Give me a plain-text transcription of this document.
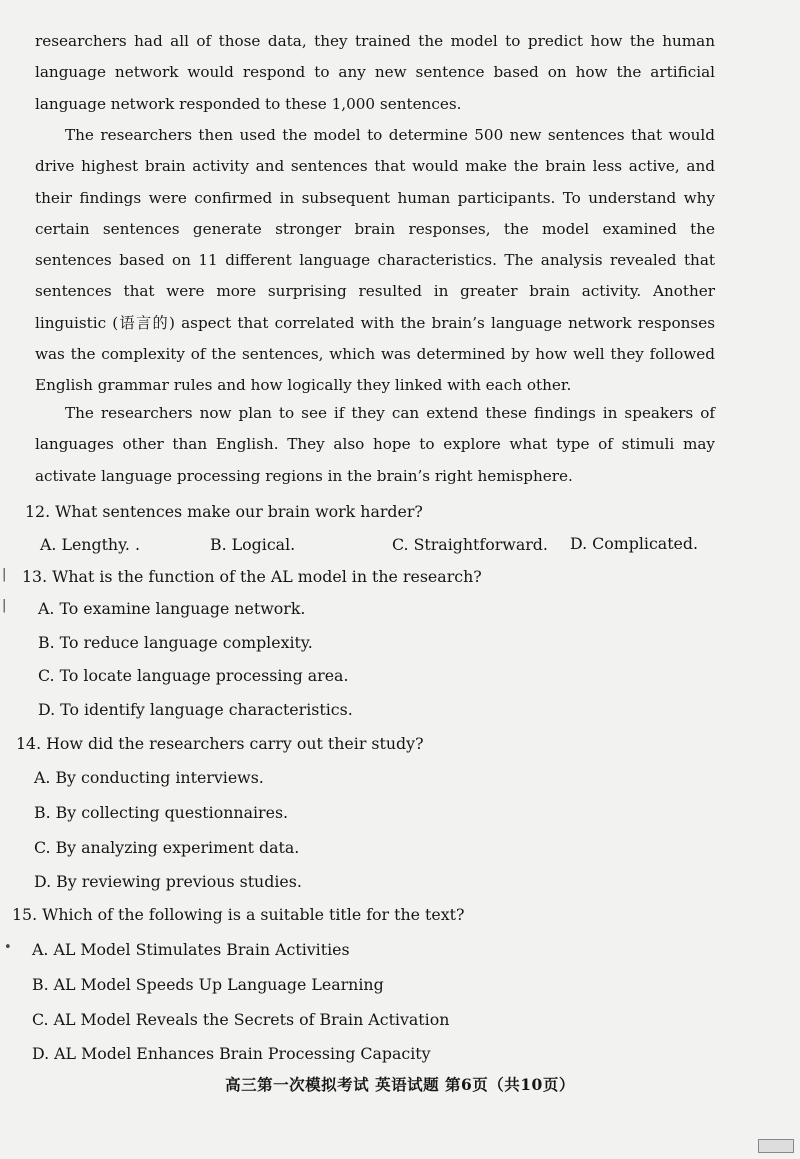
researchers had all of those data, they trained the model to predict how the human language network would respond to any new sentence based on how the artificial language network responded to these 1,000 sentences.

The researchers then used the model to determine 500 new sentences that would drive highest brain activity and sentences that would make the brain less active, and their findings were confirmed in subsequent human participants. To understand why certain sentences generate stronger brain responses, the model examined the sentences based on 11 different language characteristics. The analysis revealed that sentences that were more surprising resulted in greater brain activity. Another linguistic (语言的) aspect that correlated with the brain’s language network responses was the complexity of the sentences, which was determined by how well they followed English grammar rules and how logically they linked with each other.

The researchers now plan to see if they can extend these findings in speakers of languages other than English. They also hope to explore what type of stimuli may activate language processing regions in the brain’s right hemisphere.

12. What sentences make our brain work harder?
A. Lengthy. .	B. Logical.	C. Straightforward. D. Complicated.
13. What is the function of the AL model in the research?
A. To examine language network.
B. To reduce language complexity.
C. To locate language processing area.
D. To identify language characteristics.
14. How did the researchers carry out their study?
A. By conducting interviews.
B. By collecting questionnaires.
C. By analyzing experiment data.
D. By reviewing previous studies.
15. Which of the following is a suitable title for the text?
A. AL Model Stimulates Brain Activities
B. AL Model Speeds Up Language Learning
C. AL Model Reveals the Secrets of Brain Activation
D. AL Model Enhances Brain Processing Capacity
高三第一次模拟考试 英语试题 第6页（共10页）
|
|
•
